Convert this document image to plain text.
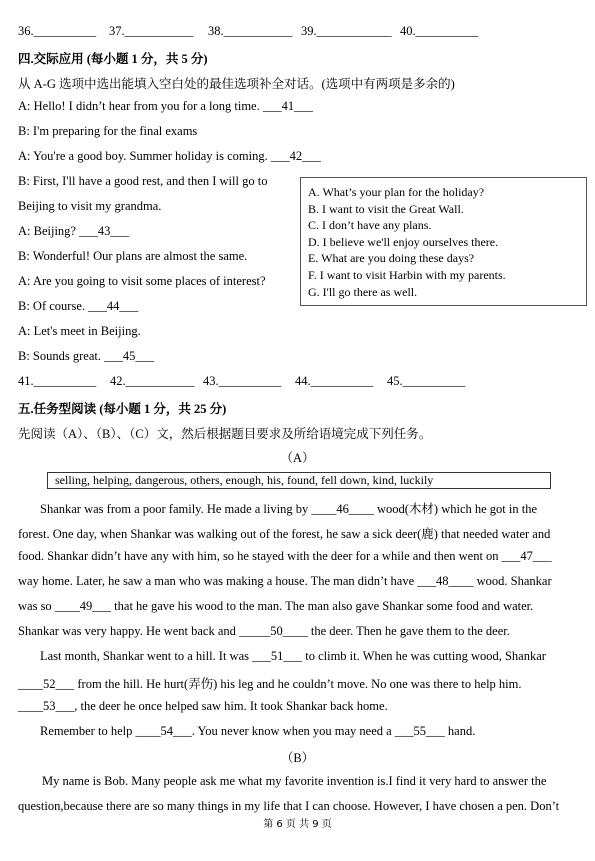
36.__________ 37.___________ 38.___________ 39.____________ 40.__________
四.交际应用 (每小题 1 分，共 5 分)
从 A-G 选项中选出能填入空白处的最佳选项补全对话。(选项中有两项是多余的)
A: Hello! I didn’t hear from you for a long time. ___41___
B: I'm preparing for the final exams
A: You're a good boy. Summer holiday is coming. ___42___
B: First, I'll have a good rest, and then I will go to
Beijing to visit my grandma.
A: Beijing? ___43___
B: Wonderful! Our plans are almost the same.
A: Are you going to visit some places of interest?
B: Of course. ___44___
A: Let's meet in Beijing.
B: Sounds great. ___45___
A. What’s your plan for the holiday?
B. I want to visit the Great Wall.
C. I don’t have any plans.
D. I believe we'll enjoy ourselves there.
E. What are you doing these days?
F. I want to visit Harbin with my parents.
G. I'll go there as well.
41.__________ 42.___________ 43.__________ 44.__________ 45.__________
五.任务型阅读 (每小题 1 分，共 25 分)
先阅读（A）、（B）、（C）文，然后根据题目要求及所给语境完成下列任务。
（A）
selling, helping, dangerous, others, enough, his, found, fell down, kind, luckily
Shankar was from a poor family. He made a living by ____46____ wood(木材) which he got in the
forest. One day, when Shankar was walking out of the forest, he saw a sick deer(鹿) that needed water and
food. Shankar didn’t have any with him, so he stayed with the deer for a while and then went on ___47___
way home. Later, he saw a man who was making a house. The man didn’t have ___48____ wood. Shankar
was so ____49___ that he gave his wood to the man. The man also gave Shankar some food and water.
Shankar was very happy. He went back and _____50____ the deer. Then he gave them to the deer.
Last month, Shankar went to a hill. It was ___51___ to climb it. When he was cutting wood, Shankar
____52___ from the hill. He hurt(弄伤) his leg and he couldn’t move. No one was there to help him.
____53___, the deer he once helped saw him. It took Shankar back home.
Remember to help ____54___. You never know when you may need a ___55___ hand.
（B）
My name is Bob. Many people ask me what my favorite invention is.I find it very hard to answer the
question,because there are so many things in my life that I can choose. However, I have chosen a pen. Don’t
第 6 页 共 9 页
